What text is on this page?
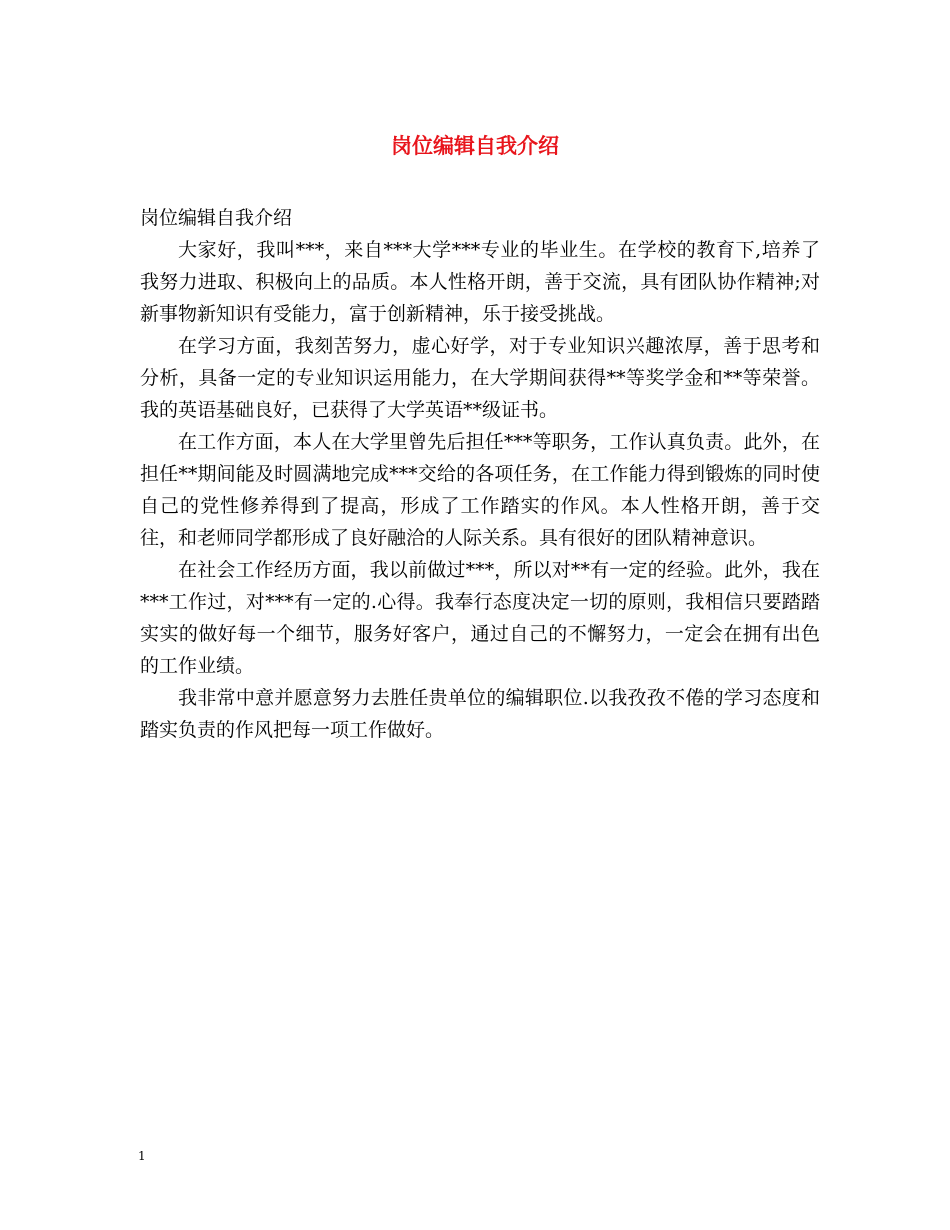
岗位编辑自我介绍

岗位编辑自我介绍

大家好，我叫***，来自***大学***专业的毕业生。在学校的教育下,培养了我努力进取、积极向上的品质。本人性格开朗，善于交流，具有团队协作精神;对新事物新知识有受能力，富于创新精神，乐于接受挑战。

在学习方面，我刻苦努力，虚心好学，对于专业知识兴趣浓厚，善于思考和分析，具备一定的专业知识运用能力，在大学期间获得**等奖学金和**等荣誉。我的英语基础良好，已获得了大学英语**级证书。

在工作方面，本人在大学里曾先后担任***等职务，工作认真负责。此外，在担任**期间能及时圆满地完成***交给的各项任务，在工作能力得到锻炼的同时使自己的党性修养得到了提高，形成了工作踏实的作风。本人性格开朗，善于交往，和老师同学都形成了良好融洽的人际关系。具有很好的团队精神意识。

在社会工作经历方面，我以前做过***，所以对**有一定的经验。此外，我在***工作过，对***有一定的.心得。我奉行态度决定一切的原则，我相信只要踏踏实实的做好每一个细节，服务好客户，通过自己的不懈努力，一定会在拥有出色的工作业绩。

我非常中意并愿意努力去胜任贵单位的编辑职位.以我孜孜不倦的学习态度和踏实负责的作风把每一项工作做好。

1
